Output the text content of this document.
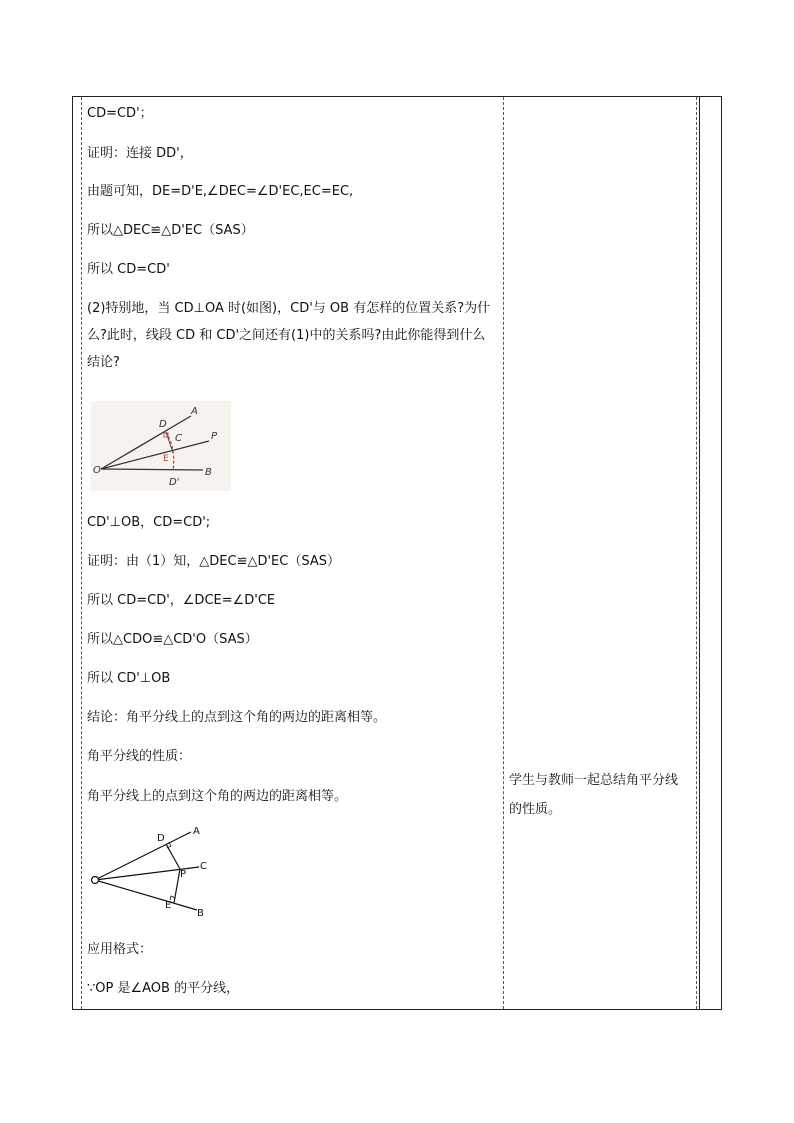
CD=CD'；
证明：连接 DD'，
由题可知，DE=D'E,∠DEC=∠D'EC,EC=EC,
所以△DEC≌△D'EC（SAS）
所以 CD=CD'
(2)特别地，当 CD⊥OA 时(如图)，CD'与 OB 有怎样的位置关系?为什么?此时，线段 CD 和 CD'之间还有(1)中的关系吗?由此你能得到什么结论?
A
D
C	P
E
O	B
D'
CD'⊥OB，CD=CD';
证明：由（1）知，△DEC≌△D'EC（SAS）
所以 CD=CD'，∠DCE=∠D'CE
所以△CDO≌△CD'O（SAS）
所以 CD'⊥OB
结论：角平分线上的点到这个角的两边的距离相等。
角平分线的性质：
角平分线上的点到这个角的两边的距离相等。
A
D
C
P
E
B
应用格式：
∵OP 是∠AOB 的平分线，
学生与教师一起总结角平分线的性质。
